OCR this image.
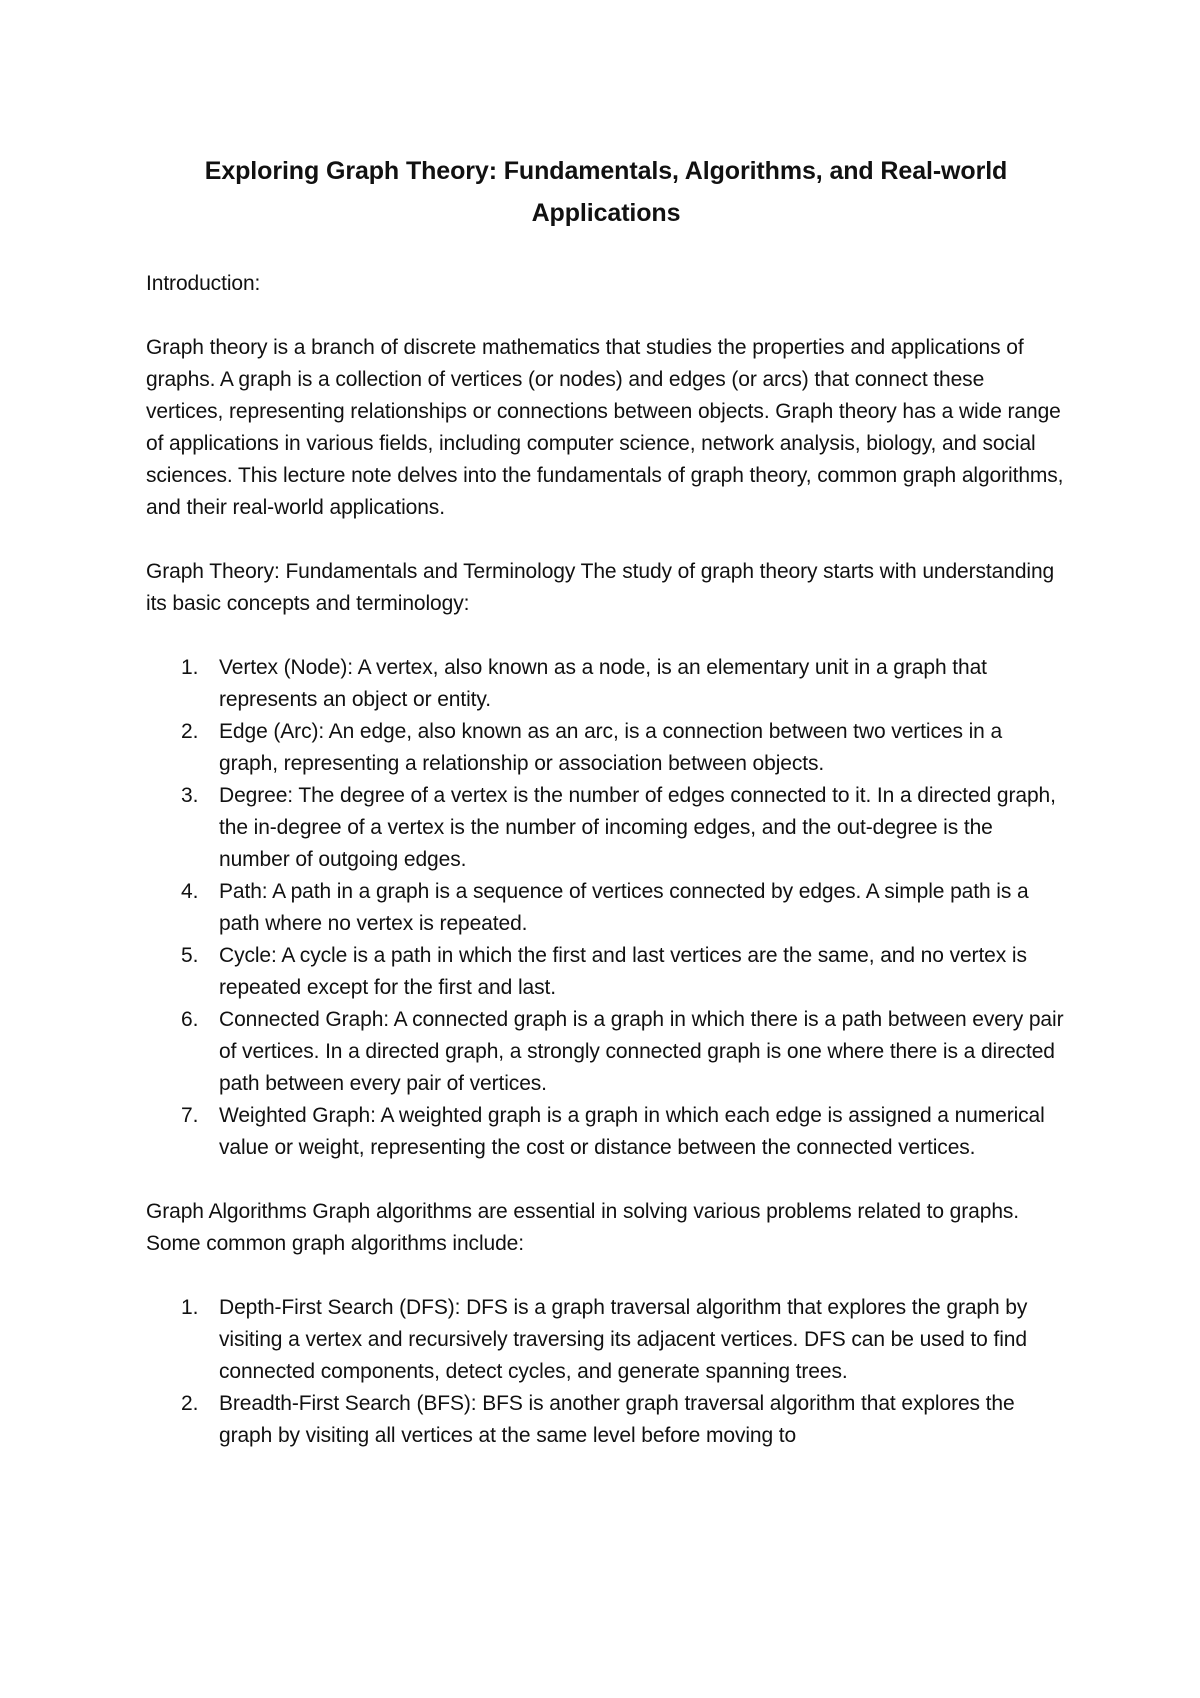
Exploring Graph Theory: Fundamentals, Algorithms, and Real-world Applications

Introduction:

Graph theory is a branch of discrete mathematics that studies the properties and applications of graphs. A graph is a collection of vertices (or nodes) and edges (or arcs) that connect these vertices, representing relationships or connections between objects. Graph theory has a wide range of applications in various fields, including computer science, network analysis, biology, and social sciences. This lecture note delves into the fundamentals of graph theory, common graph algorithms, and their real-world applications.

Graph Theory: Fundamentals and Terminology The study of graph theory starts with understanding its basic concepts and terminology:

1. Vertex (Node): A vertex, also known as a node, is an elementary unit in a graph that represents an object or entity.
2. Edge (Arc): An edge, also known as an arc, is a connection between two vertices in a graph, representing a relationship or association between objects.
3. Degree: The degree of a vertex is the number of edges connected to it. In a directed graph, the in-degree of a vertex is the number of incoming edges, and the out-degree is the number of outgoing edges.
4. Path: A path in a graph is a sequence of vertices connected by edges. A simple path is a path where no vertex is repeated.
5. Cycle: A cycle is a path in which the first and last vertices are the same, and no vertex is repeated except for the first and last.
6. Connected Graph: A connected graph is a graph in which there is a path between every pair of vertices. In a directed graph, a strongly connected graph is one where there is a directed path between every pair of vertices.
7. Weighted Graph: A weighted graph is a graph in which each edge is assigned a numerical value or weight, representing the cost or distance between the connected vertices.

Graph Algorithms Graph algorithms are essential in solving various problems related to graphs. Some common graph algorithms include:

1. Depth-First Search (DFS): DFS is a graph traversal algorithm that explores the graph by visiting a vertex and recursively traversing its adjacent vertices. DFS can be used to find connected components, detect cycles, and generate spanning trees.
2. Breadth-First Search (BFS): BFS is another graph traversal algorithm that explores the graph by visiting all vertices at the same level before moving to
